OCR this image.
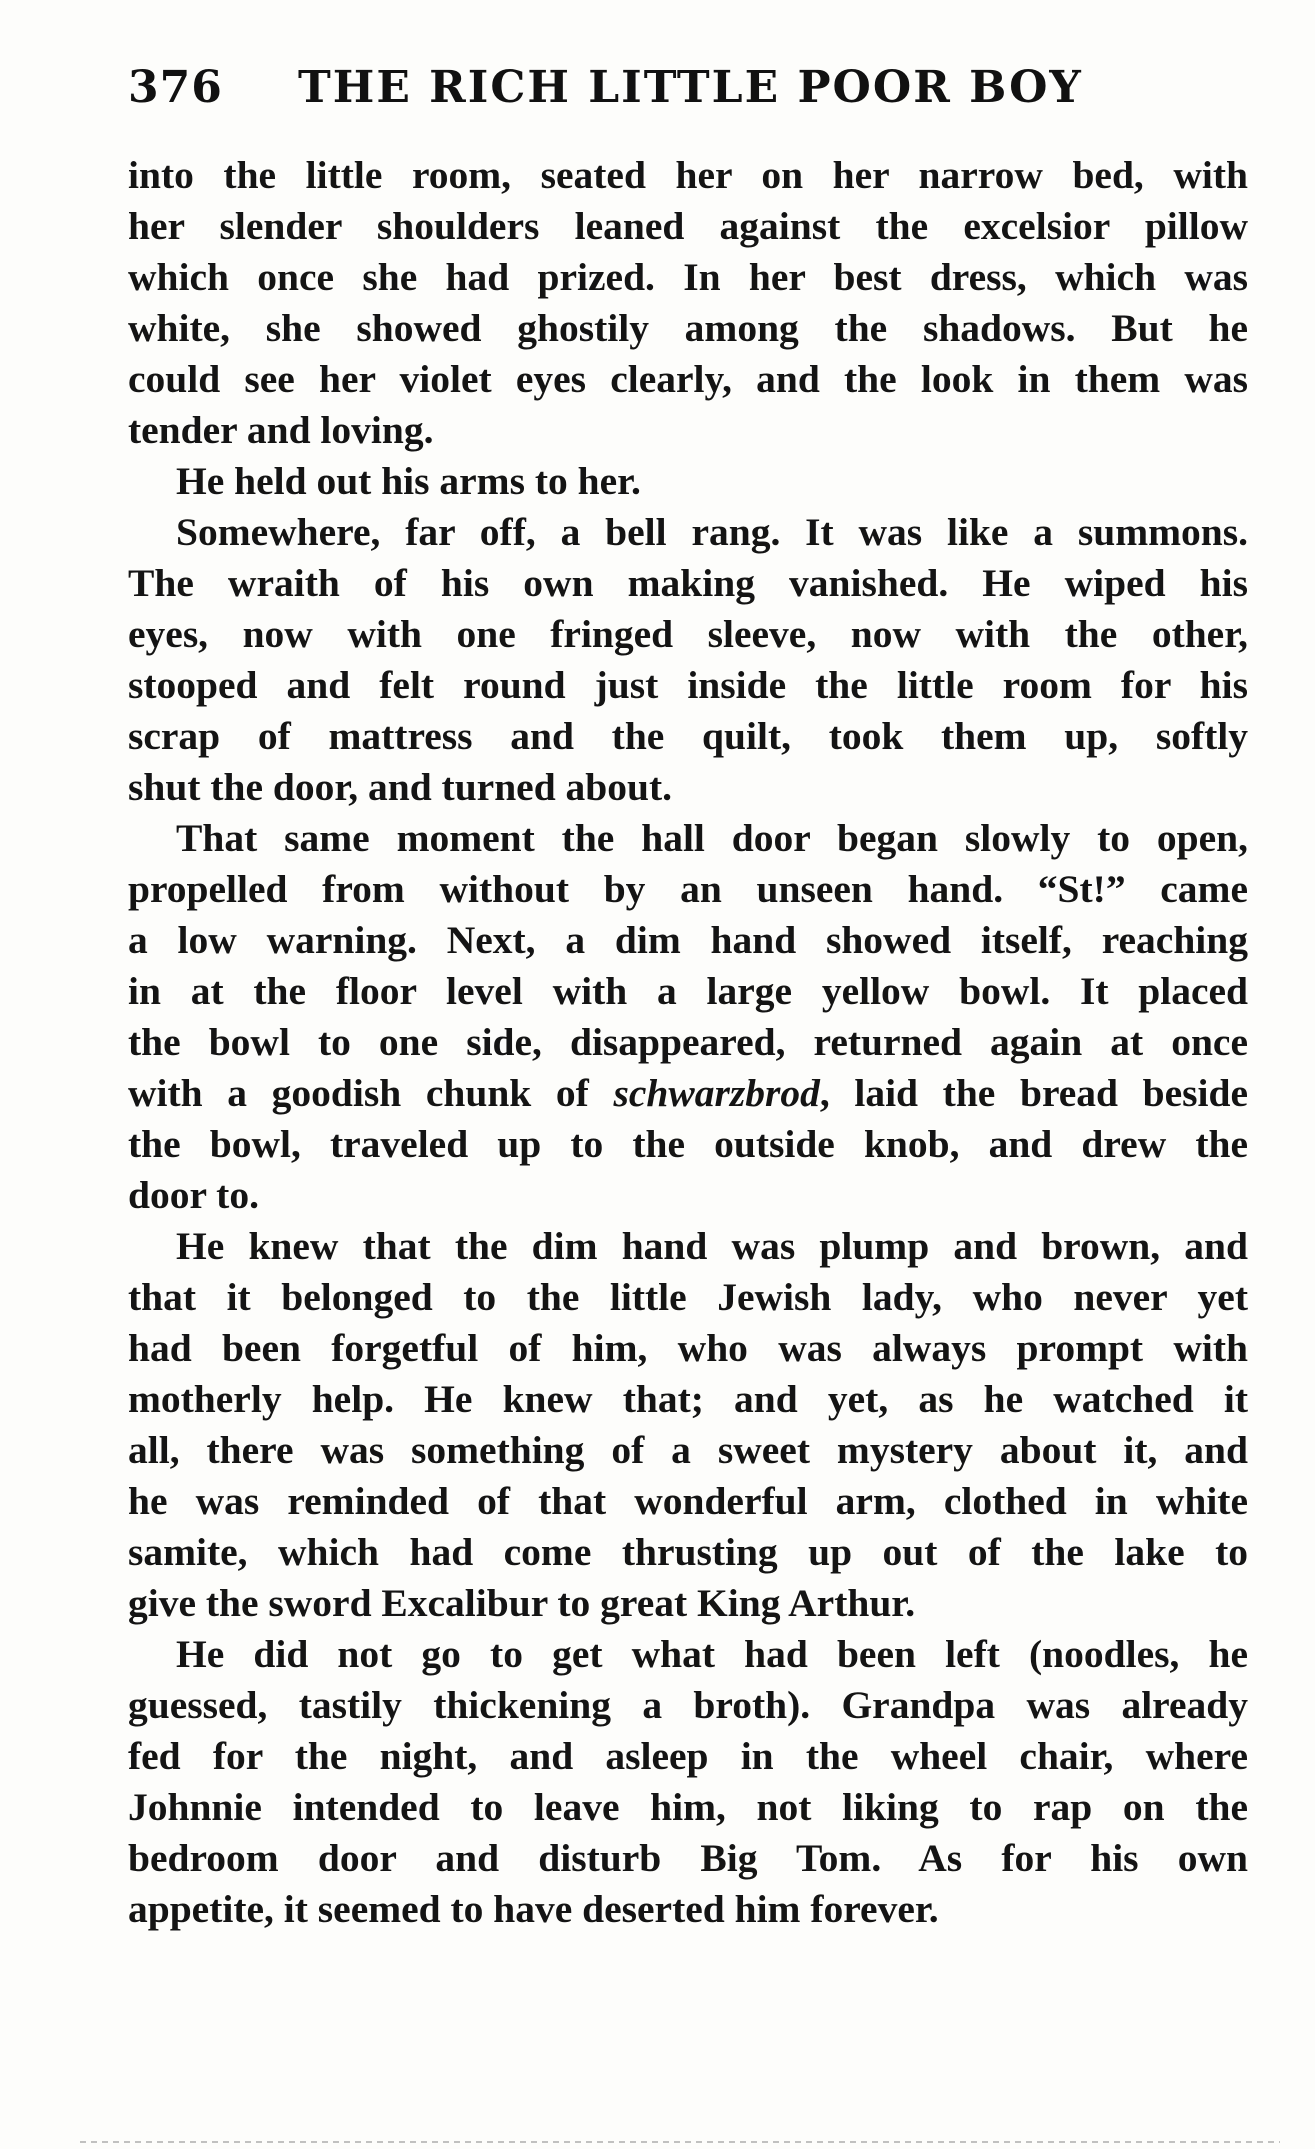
376 THE RICH LITTLE POOR BOY
into the little room, seated her on her narrow bed, with
her slender shoulders leaned against the excelsior pillow
which once she had prized. In her best dress, which was
white, she showed ghostily among the shadows. But he
could see her violet eyes clearly, and the look in them was
tender and loving.
He held out his arms to her.
Somewhere, far off, a bell rang. It was like a summons.
The wraith of his own making vanished. He wiped his
eyes, now with one fringed sleeve, now with the other,
stooped and felt round just inside the little room for his
scrap of mattress and the quilt, took them up, softly
shut the door, and turned about.
That same moment the hall door began slowly to open,
propelled from without by an unseen hand. “St!” came
a low warning. Next, a dim hand showed itself, reaching
in at the floor level with a large yellow bowl. It placed
the bowl to one side, disappeared, returned again at once
with a goodish chunk of schwarzbrod, laid the bread beside
the bowl, traveled up to the outside knob, and drew the
door to.
He knew that the dim hand was plump and brown, and
that it belonged to the little Jewish lady, who never yet
had been forgetful of him, who was always prompt with
motherly help. He knew that; and yet, as he watched it
all, there was something of a sweet mystery about it, and
he was reminded of that wonderful arm, clothed in white
samite, which had come thrusting up out of the lake to
give the sword Excalibur to great King Arthur.
He did not go to get what had been left (noodles, he
guessed, tastily thickening a broth). Grandpa was already
fed for the night, and asleep in the wheel chair, where
Johnnie intended to leave him, not liking to rap on the
bedroom door and disturb Big Tom. As for his own
appetite, it seemed to have deserted him forever.
